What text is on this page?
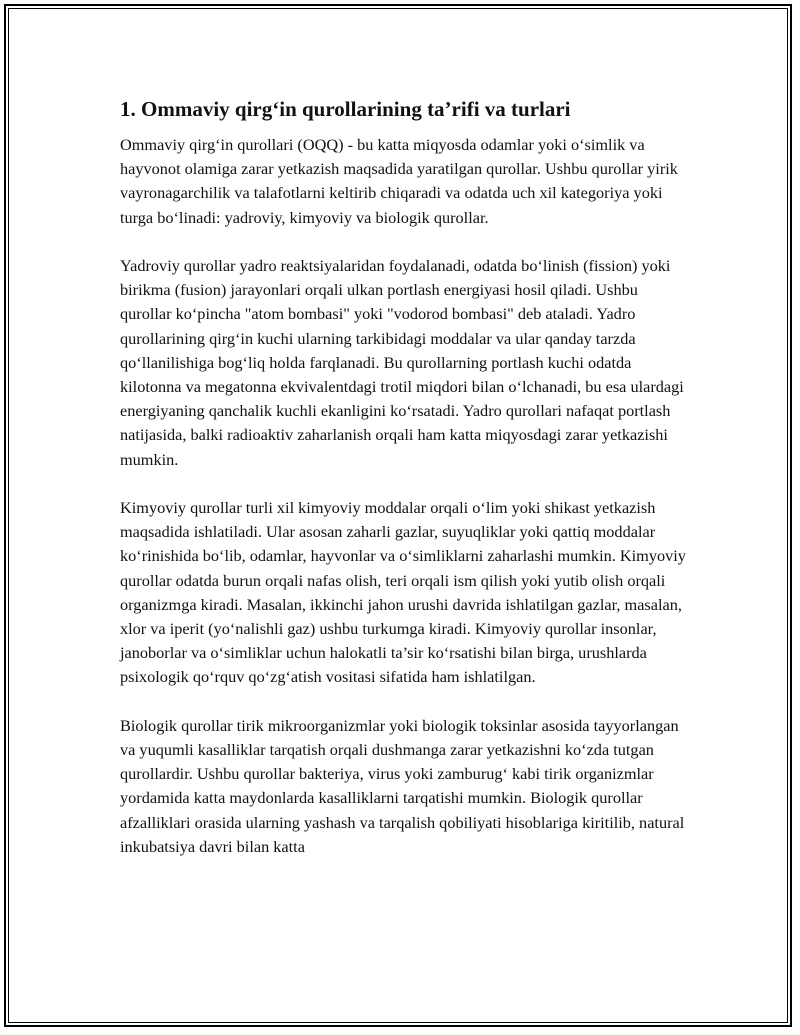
1. Ommaviy qirg‘in qurollarining ta’rifi va turlari

Ommaviy qirg‘in qurollari (OQQ) - bu katta miqyosda odamlar yoki o‘simlik va hayvonot olamiga zarar yetkazish maqsadida yaratilgan qurollar. Ushbu qurollar yirik vayronagarchilik va talafotlarni keltirib chiqaradi va odatda uch xil kategoriya yoki turga bo‘linadi: yadroviy, kimyoviy va biologik qurollar.

Yadroviy qurollar yadro reaktsiyalaridan foydalanadi, odatda bo‘linish (fission) yoki birikma (fusion) jarayonlari orqali ulkan portlash energiyasi hosil qiladi. Ushbu qurollar ko‘pincha "atom bombasi" yoki "vodorod bombasi" deb ataladi. Yadro qurollarining qirg‘in kuchi ularning tarkibidagi moddalar va ular qanday tarzda qo‘llanilishiga bog‘liq holda farqlanadi. Bu qurollarning portlash kuchi odatda kilotonna va megatonna ekvivalentdagi trotil miqdori bilan o‘lchanadi, bu esa ulardagi energiyaning qanchalik kuchli ekanligini ko‘rsatadi. Yadro qurollari nafaqat portlash natijasida, balki radioaktiv zaharlanish orqali ham katta miqyosdagi zarar yetkazishi mumkin.

Kimyoviy qurollar turli xil kimyoviy moddalar orqali o‘lim yoki shikast yetkazish maqsadida ishlatiladi. Ular asosan zaharli gazlar, suyuqliklar yoki qattiq moddalar ko‘rinishida bo‘lib, odamlar, hayvonlar va o‘simliklarni zaharlashi mumkin. Kimyoviy qurollar odatda burun orqali nafas olish, teri orqali ism qilish yoki yutib olish orqali organizmga kiradi. Masalan, ikkinchi jahon urushi davrida ishlatilgan gazlar, masalan, xlor va iperit (yo‘nalishli gaz) ushbu turkumga kiradi. Kimyoviy qurollar insonlar, janoborlar va o‘simliklar uchun halokatli ta’sir ko‘rsatishi bilan birga, urushlarda psixologik qo‘rquv qo‘zg‘atish vositasi sifatida ham ishlatilgan.

Biologik qurollar tirik mikroorganizmlar yoki biologik toksinlar asosida tayyorlangan va yuqumli kasalliklar tarqatish orqali dushmanga zarar yetkazishni ko‘zda tutgan qurollardir. Ushbu qurollar bakteriya, virus yoki zamburug‘ kabi tirik organizmlar yordamida katta maydonlarda kasalliklarni tarqatishi mumkin. Biologik qurollar afzalliklari orasida ularning yashash va tarqalish qobiliyati hisoblariga kiritilib, natural inkubatsiya davri bilan katta
